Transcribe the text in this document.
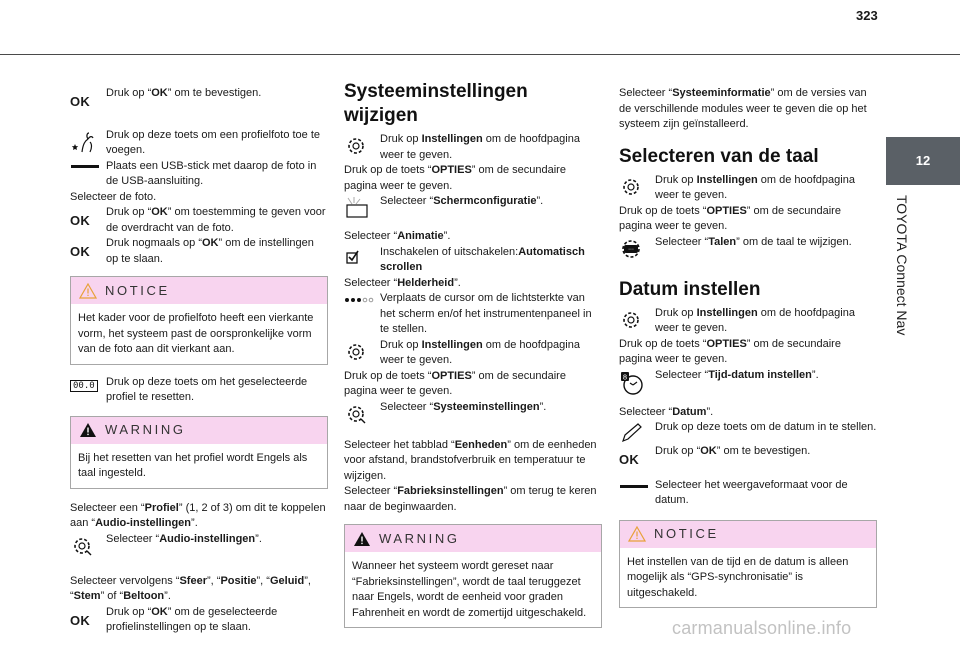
323
12
TOYOTA Connect Nav
OK
Druk op “OK” om te bevestigen.
Druk op deze toets om een profielfoto toe te voegen.
Plaats een USB-stick met daarop de foto in de USB-aansluiting.

Selecteer de foto.

OK
Druk op “OK” om toestemming te geven voor de overdracht van de foto.
OK
Druk nogmaals op “OK” om de instellingen op te slaan.
NOTICE
Het kader voor de profielfoto heeft een vierkante vorm, het systeem past de oorspronkelijke vorm van de foto aan dit vierkant aan.
00.0 Druk op deze toets om het geselecteerde profiel te resetten.
WARNING
Bij het resetten van het profiel wordt Engels als taal ingesteld.

Selecteer een “Profiel” (1, 2 of 3) om dit te koppelen aan “Audio-instellingen”.

Selecteer “Audio-instellingen”.

Selecteer vervolgens “Sfeer”, “Positie”, “Geluid”, “Stem” of “Beltoon”.

OK
Druk op “OK” om de geselecteerde profielinstellingen op te slaan.
Systeeminstellingen wijzigen
Druk op Instellingen om de hoofdpagina weer te geven.

Druk op de toets “OPTIES” om de secundaire pagina weer te geven.

Selecteer “Schermconfiguratie”.

Selecteer “Animatie”.

Inschakelen of uitschakelen:Automatisch scrollen

Selecteer “Helderheid”.

Verplaats de cursor om de lichtsterkte van het scherm en/of het instrumentenpaneel in te stellen.
Druk op Instellingen om de hoofdpagina weer te geven.

Druk op de toets “OPTIES” om de secundaire pagina weer te geven.

Selecteer “Systeeminstellingen”.

Selecteer het tabblad “Eenheden” om de eenheden voor afstand, brandstofverbruik en temperatuur te wijzigen.

Selecteer “Fabrieksinstellingen” om terug te keren naar de beginwaarden.

WARNING
Wanneer het systeem wordt gereset naar “Fabrieksinstellingen”, wordt de taal teruggezet naar Engels, wordt de eenheid voor graden Fahrenheit en wordt de zomertijd uitgeschakeld.

Selecteer “Systeeminformatie” om de versies van de verschillende modules weer te geven die op het systeem zijn geïnstalleerd.

Selecteren van de taal
Druk op Instellingen om de hoofdpagina weer te geven.

Druk op de toets “OPTIES” om de secundaire pagina weer te geven.

···
Selecteer “Talen” om de taal te wijzigen.
Datum instellen
Druk op Instellingen om de hoofdpagina weer te geven.

Druk op de toets “OPTIES” om de secundaire pagina weer te geven.

8	Selecteer “Tijd-datum instellen”.

Selecteer “Datum”.

Druk op deze toets om de datum in te stellen.
OK
Druk op “OK” om te bevestigen.
Selecteer het weergaveformaat voor de datum.
NOTICE
Het instellen van de tijd en de datum is alleen mogelijk als “GPS-synchronisatie” is uitgeschakeld.
carmanualsonline.info
